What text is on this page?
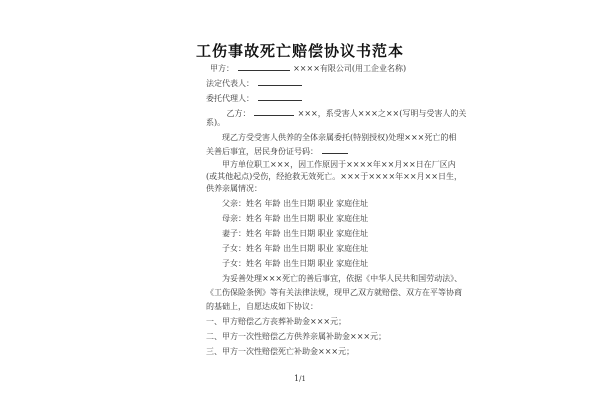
工伤事故死亡赔偿协议书范本
甲方：	××××有限公司(用工企业名称)
法定代表人：
委托代理人：
乙方：	×××，系受害人×××之××(写明与受害人的关
系)。
现乙方受受害人供养的全体亲属委托(特别授权)处理×××死亡的相
关善后事宜，居民身份证号码：
甲方单位职工×××，因工作原因于××××年××月××日在厂区内
(或其他起点)受伤，经抢救无效死亡。×××于××××年××月××日生，
供养亲属情况：
父亲：姓名 年龄 出生日期 职业 家庭住址
母亲：姓名 年龄 出生日期 职业 家庭住址
妻子：姓名 年龄 出生日期 职业 家庭住址
子女：姓名 年龄 出生日期 职业 家庭住址
子女：姓名 年龄 出生日期 职业 家庭住址
为妥善处理×××死亡的善后事宜，依据《中华人民共和国劳动法》、
《工伤保险条例》等有关法律法规，现甲乙双方就赔偿、双方在平等协商
的基础上，自愿达成如下协议：
一、甲方赔偿乙方丧葬补助金×××元；
二、甲方一次性赔偿乙方供养亲属补助金×××元；
三、甲方一次性赔偿死亡补助金×××元；
1/1
